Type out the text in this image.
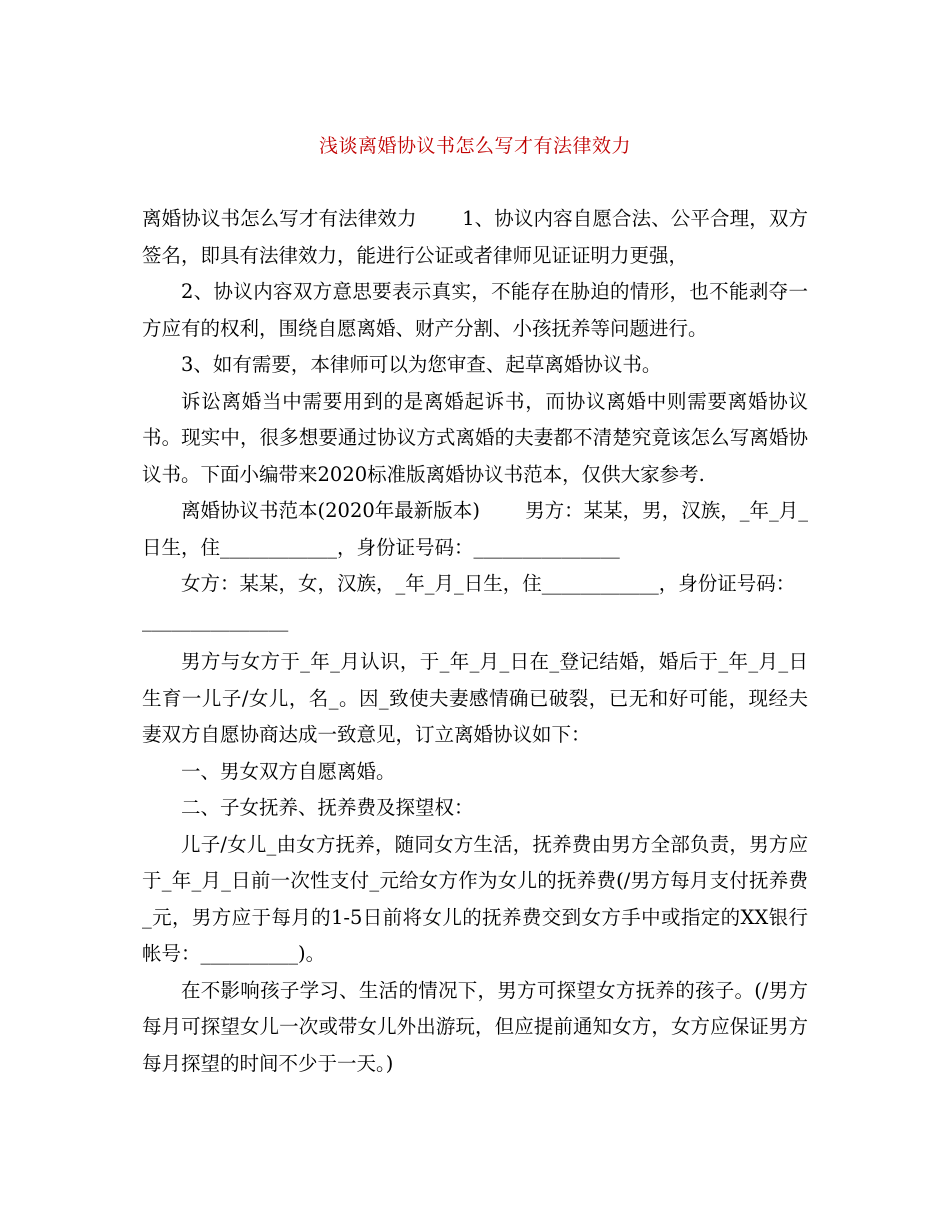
浅谈离婚协议书怎么写才有法律效力

离婚协议书怎么写才有法律效力　　 1、协议内容自愿合法、公平合理，双方签名，即具有法律效力，能进行公证或者律师见证证明力更强，

2、协议内容双方意思要表示真实，不能存在胁迫的情形，也不能剥夺一方应有的权利，围绕自愿离婚、财产分割、小孩抚养等问题进行。

3、如有需要，本律师可以为您审查、起草离婚协议书。

诉讼离婚当中需要用到的是离婚起诉书，而协议离婚中则需要离婚协议书。现实中，很多想要通过协议方式离婚的夫妻都不清楚究竟该怎么写离婚协议书。下面小编带来2020标准版离婚协议书范本，仅供大家参考.

离婚协议书范本(2020年最新版本)　　 男方：某某，男，汉族，_年_月_日生，住____________，身份证号码：_______________

女方：某某，女，汉族，_年_月_日生，住____________，身份证号码：

_______________

男方与女方于_年_月认识，于_年_月_日在_登记结婚，婚后于_年_月_日生育一儿子/女儿，名_。因_致使夫妻感情确已破裂，已无和好可能，现经夫妻双方自愿协商达成一致意见，订立离婚协议如下：

一、男女双方自愿离婚。

二、子女抚养、抚养费及探望权：

儿子/女儿_由女方抚养，随同女方生活，抚养费由男方全部负责，男方应于_年_月_日前一次性支付_元给女方作为女儿的抚养费(/男方每月支付抚养费_元，男方应于每月的1-5日前将女儿的抚养费交到女方手中或指定的XX银行帐号：__________)。

在不影响孩子学习、生活的情况下，男方可探望女方抚养的孩子。(/男方每月可探望女儿一次或带女儿外出游玩，但应提前通知女方，女方应保证男方每月探望的时间不少于一天。)
